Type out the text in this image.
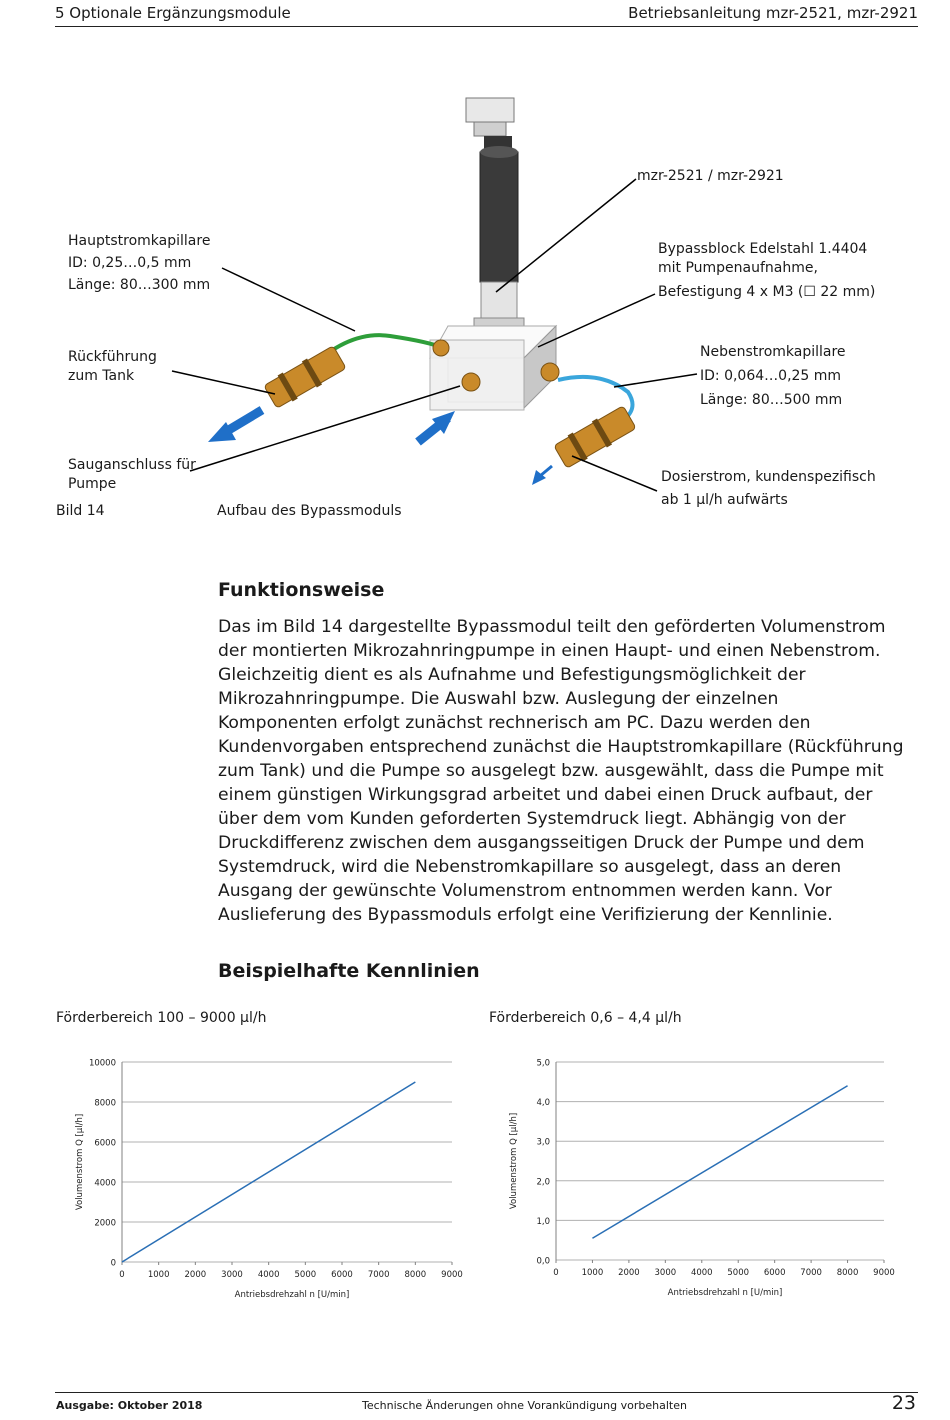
5 Optionale Ergänzungsmodule	Betriebsanleitung mzr-2521, mzr-2921
mzr-2521 / mzr-2921
Hauptstromkapillare
ID: 0,25…0,5 mm
Länge: 80…300 mm
Bypassblock Edelstahl 1.4404
mit Pumpenaufnahme,
Befestigung 4 x M3 (☐ 22 mm)
Rückführung
zum Tank
Nebenstromkapillare
ID: 0,064…0,25 mm
Länge: 80…500 mm
Sauganschluss für
Pumpe	Dosierstrom, kundenspezifisch
ab 1 µl/h aufwärts
Bild 14	Aufbau des Bypassmoduls
Funktionsweise
Das im Bild 14 dargestellte Bypassmodul teilt den geförderten Volumenstrom
der montierten Mikrozahnringpumpe in einen Haupt- und einen Nebenstrom.
Gleichzeitig dient es als Aufnahme und Befestigungsmöglichkeit der
Mikrozahnringpumpe. Die Auswahl bzw. Auslegung der einzelnen
Komponenten erfolgt zunächst rechnerisch am PC. Dazu werden den
Kundenvorgaben entsprechend zunächst die Hauptstromkapillare (Rückführung
zum Tank) und die Pumpe so ausgelegt bzw. ausgewählt, dass die Pumpe mit
einem günstigen Wirkungsgrad arbeitet und dabei einen Druck aufbaut, der
über dem vom Kunden geforderten Systemdruck liegt. Abhängig von der
Druckdifferenz zwischen dem ausgangsseitigen Druck der Pumpe und dem
Systemdruck, wird die Nebenstromkapillare so ausgelegt, dass an deren
Ausgang der gewünschte Volumenstrom entnommen werden kann. Vor
Auslieferung des Bypassmoduls erfolgt eine Verifizierung der Kennlinie.
Beispielhafte Kennlinien
Förderbereich 100 – 9000 µl/h	Förderbereich 0,6 – 4,4 µl/h
0
2000
4000
6000
8000
10000
0	1000 2000 3000 4000 5000 6000 7000 8000 9000
Antriebsdrehzahl n [U/min]
Volumenstrom Q [µl/h]
0,0
1,0
2,0
3,0
4,0
5,0
0	1000 2000 3000 4000 5000 6000 7000 8000 9000
Antriebsdrehzahl n [U/min]
Volumenstrom Q [µl/h]
Ausgabe: Oktober 2018	Technische Änderungen ohne Vorankündigung vorbehalten	23
